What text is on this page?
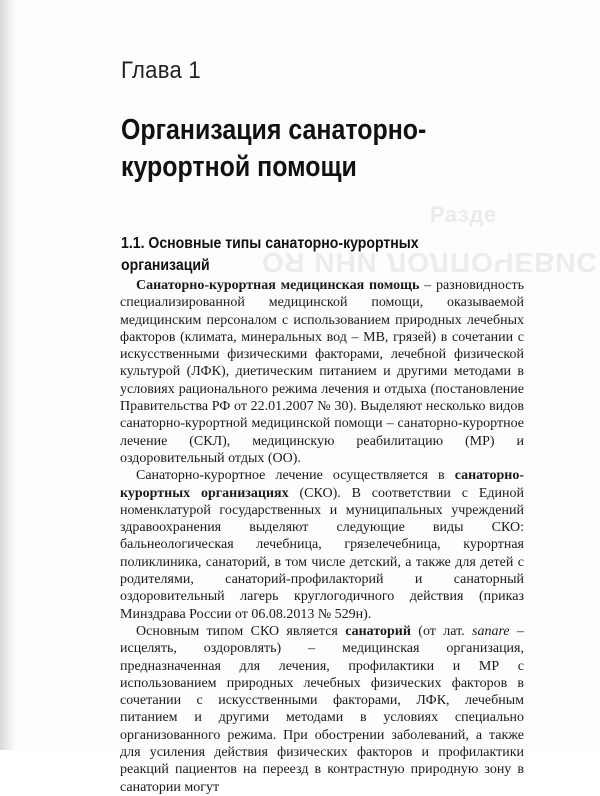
Разде
ОЯ ИНИ ЛОЛПОЧЕВИС
Глава 1
Организация санаторно-
курортной помощи
1.1. Основные типы санаторно-курортных
организаций

Санаторно-курортная медицинская помощь – разновидность специализированной медицинской помощи, оказываемой медицинским персоналом с использованием природных лечебных факторов (климата, минеральных вод – МВ, грязей) в сочетании с искусственными физическими факторами, лечебной физической культурой (ЛФК), диетическим питанием и другими методами в условиях рационального режима лечения и отдыха (постановление Правительства РФ от 22.01.2007 № 30). Выделяют несколько видов санаторно-курортной медицинской помощи – санаторно-курортное лечение (СКЛ), медицинскую реабилитацию (МР) и оздоровительный отдых (ОО).

Санаторно-курортное лечение осуществляется в санаторно-курортных организациях (СКО). В соответствии с Единой номенклатурой государственных и муниципальных учреждений здравоохранения выделяют следующие виды СКО: бальнеологическая лечебница, грязелечебница, курортная поликлиника, санаторий, в том числе детский, а также для детей с родителями, санаторий-профилакторий и санаторный оздоровительный лагерь круглогодичного действия (приказ Минздрава России от 06.08.2013 № 529н).

Основным типом СКО является санаторий (от лат. sanare – исцелять, оздоровлять) – медицинская организация, предназначенная для лечения, профилактики и МР с использованием природных лечебных физических факторов в сочетании с искусственными факторами, ЛФК, лечебным питанием и другими методами в условиях специально организованного режима. При обострении заболеваний, а также для усиления действия физических факторов и профилактики реакций пациентов на переезд в контрастную природную зону в санатории могут
